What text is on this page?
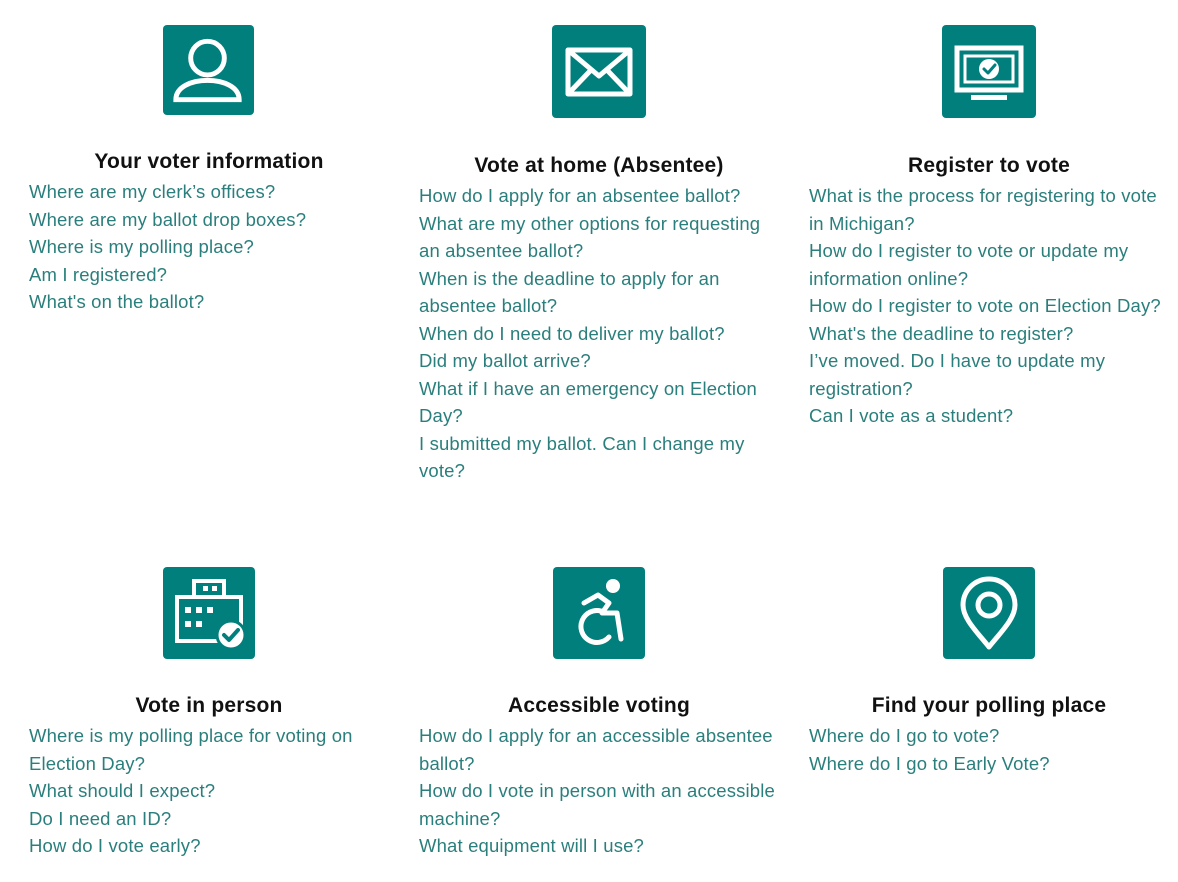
Your voter information
Where are my clerk’s offices?
Where are my ballot drop boxes?
Where is my polling place?
Am I registered?
What's on the ballot?
Vote at home (Absentee)
How do I apply for an absentee ballot?
What are my other options for requesting an absentee ballot?
When is the deadline to apply for an absentee ballot?
When do I need to deliver my ballot?
Did my ballot arrive?
What if I have an emergency on Election Day?
I submitted my ballot. Can I change my vote?
Register to vote
What is the process for registering to vote in Michigan?
How do I register to vote or update my information online?
How do I register to vote on Election Day?
What's the deadline to register?
I’ve moved. Do I have to update my registration?
Can I vote as a student?
Vote in person
Where is my polling place for voting on Election Day?
What should I expect?
Do I need an ID?
How do I vote early?
Accessible voting
How do I apply for an accessible absentee ballot?
How do I vote in person with an accessible machine?
What equipment will I use?
Find your polling place
Where do I go to vote?
Where do I go to Early Vote?
